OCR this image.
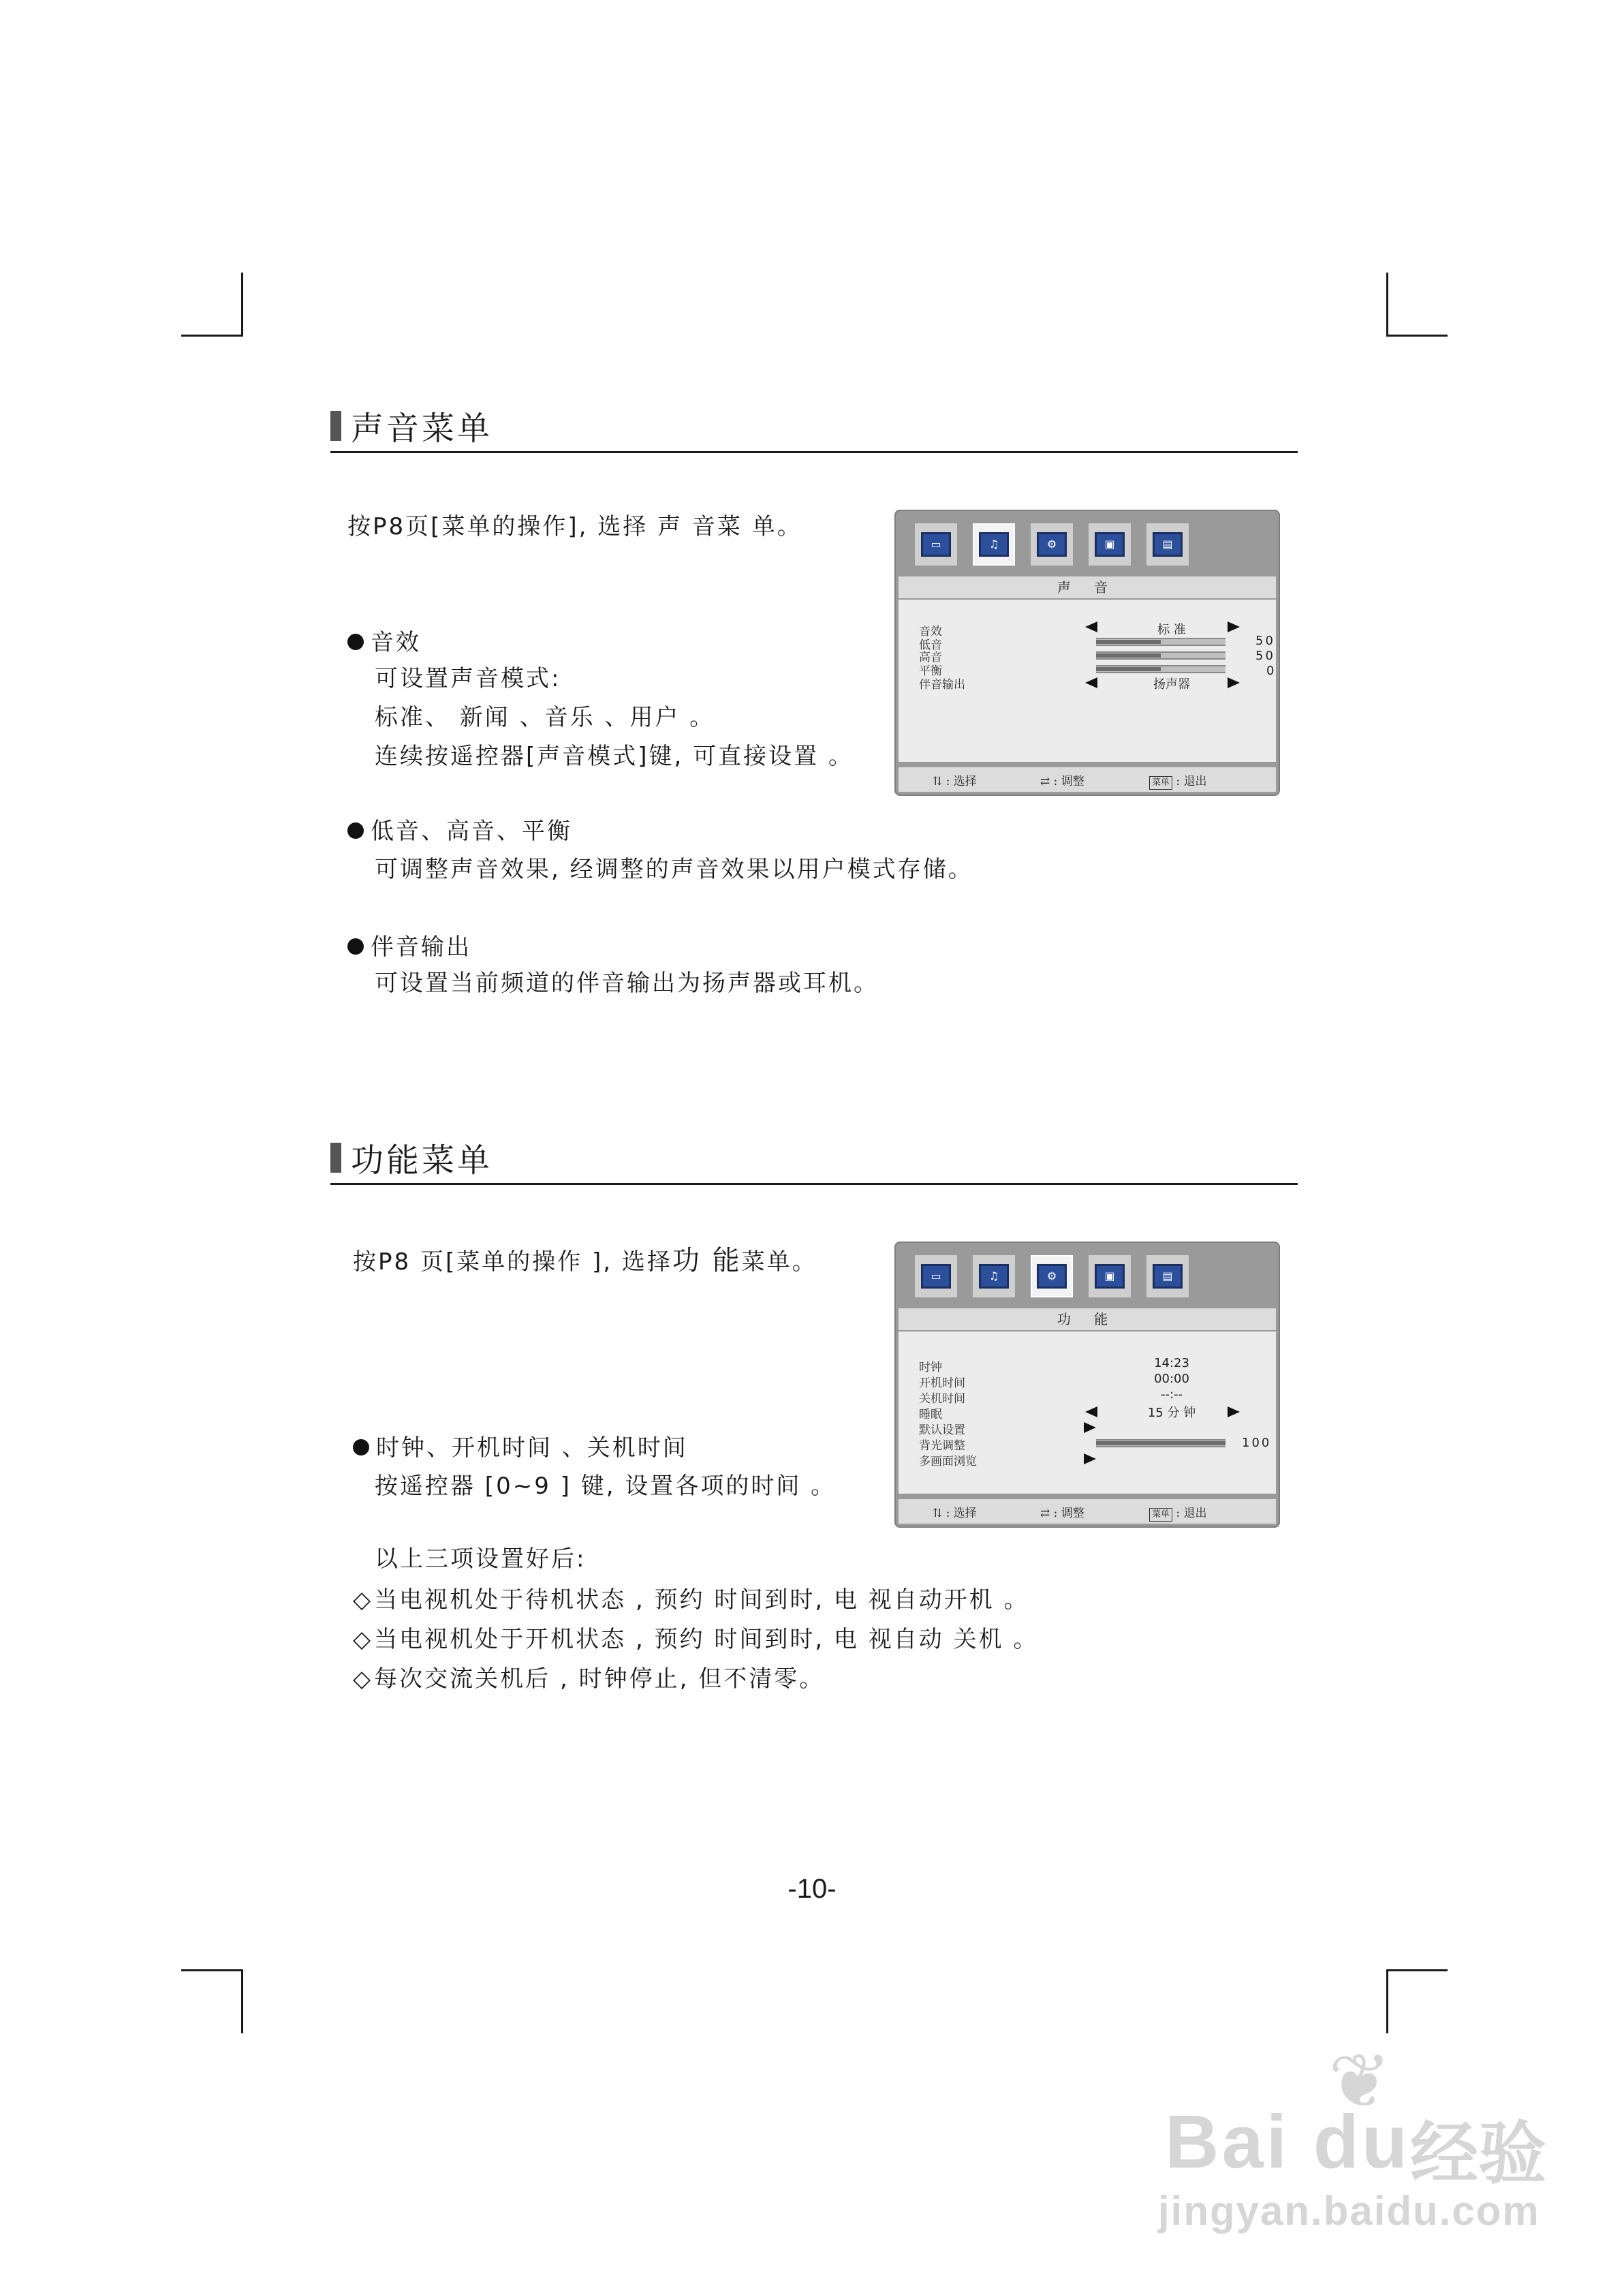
声音菜单
按P8页[菜单的操作], 选择 声 音菜 单。
音效
可设置声音模式:
标准、 新闻 、音乐 、用户 。
连续按遥控器[声音模式]键, 可直接设置 。
低音、高音、平衡
可调整声音效果, 经调整的声音效果以用户模式存储。
伴音输出
可设置当前频道的伴音输出为扬声器或耳机。
▭	♫	⚙	▣	▤
声 音
音效	标 准
低音	50
高音	50
平衡	0
伴音输出	扬声器
⇅ : 选择	⇄ : 调整	菜单 : 退出
功能菜单
按P8 页[菜单的操作 ], 选择功 能菜单。
时钟、开机时间 、关机时间
按遥控器 [0~9 ] 键, 设置各项的时间 。
以上三项设置好后:
◇当电视机处于待机状态 , 预约 时间到时, 电 视自动开机 。
◇当电视机处于开机状态 , 预约 时间到时, 电 视自动 关机 。
◇每次交流关机后 , 时钟停止, 但不清零。
▭	♫	⚙	▣	▤
功 能
时钟	14:23
开机时间	00:00
关机时间	--:--
睡眠	15 分 钟
默认设置
背光调整	100
多画面浏览
⇅ : 选择	⇄ : 调整	菜单 : 退出
-10-
Bai du 经验
jingyan.baidu.com
❦
